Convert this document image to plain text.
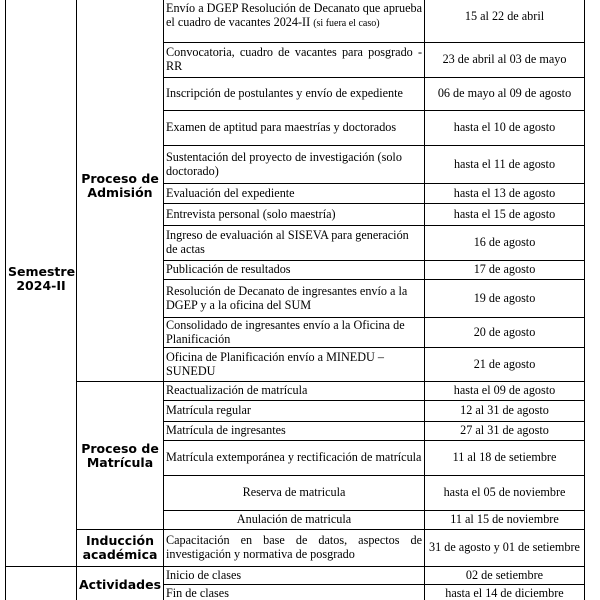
Semestre 2024-II	Proceso de Admisión	Envío a DGEP Resolución de Decanato que aprueba el cuadro de vacantes 2024-II (si fuera el caso)	15 al 22 de abril
		Convocatoria, cuadro de vacantes para posgrado - RR	23 de abril al 03 de mayo
		Inscripción de postulantes y envío de expediente	06 de mayo al 09 de agosto
		Examen de aptitud para maestrías y doctorados	hasta el 10 de agosto
		Sustentación del proyecto de investigación (solo doctorado)	hasta el 11 de agosto
		Evaluación del expediente	hasta el 13 de agosto
		Entrevista personal (solo maestría)	hasta el 15 de agosto
		Ingreso de evaluación al SISEVA para generación de actas	16 de agosto
		Publicación de resultados	17 de agosto
		Resolución de Decanato de ingresantes envío a la DGEP y a la oficina del SUM	19 de agosto
		Consolidado de ingresantes envío a la Oficina de Planificación	20 de agosto
		Oficina de Planificación envío a MINEDU – SUNEDU	21 de agosto
	Proceso de Matrícula	Reactualización de matrícula	hasta el 09 de agosto
		Matrícula regular	12 al 31 de agosto
		Matrícula de ingresantes	27 al 31 de agosto
		Matrícula extemporánea y rectificación de matrícula	11 al 18 de setiembre
		Reserva de matricula	hasta el 05 de noviembre
		Anulación de matricula	11 al 15 de noviembre
	Inducción académica	Capacitación en base de datos, aspectos de investigación y normativa de posgrado	31 de agosto y 01 de setiembre
	Actividades	Inicio de clases	02 de setiembre
		Fin de clases	hasta el 14 de diciembre
